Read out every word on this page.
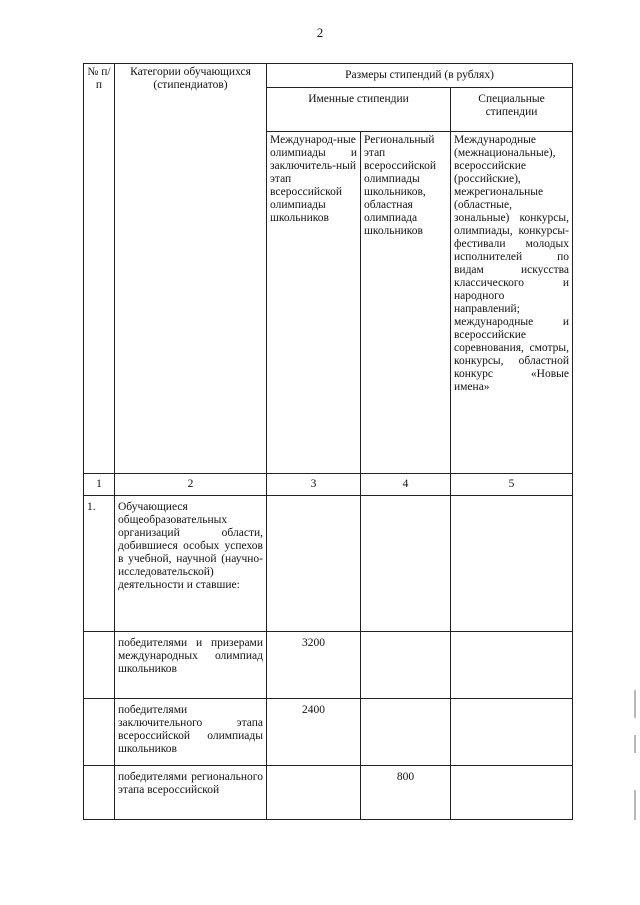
2
№ п/п	Категории обучающихся (стипендиатов)	Размеры стипендий (в рублях)		
		Именные стипендии		Специальные стипендии
		Международ-ные олимпиады и заключитель-ный этап всероссийской олимпиады школьников	Региональный этап всероссийской олимпиады школьников, областная олимпиада школьников	Международные (межнациональные), всероссийские (российские), межрегиональные (областные, зональные) конкурсы, олимпиады, конкурсы-фестивали молодых исполнителей по видам искусства классического и народного направлений; международные и всероссийские соревнования, смотры, конкурсы, областной конкурс «Новые имена»
1	2	3	4	5
1.	Обучающиеся общеобразовательных организаций области, добившиеся особых успехов в учебной, научной (научно-исследовательской) деятельности и ставшие:			
	победителями и призерами международных олимпиад школьников	3200		
	победителями заключительного этапа всероссийской олимпиады школьников	2400		
	победителями регионального этапа всероссийской		800	
